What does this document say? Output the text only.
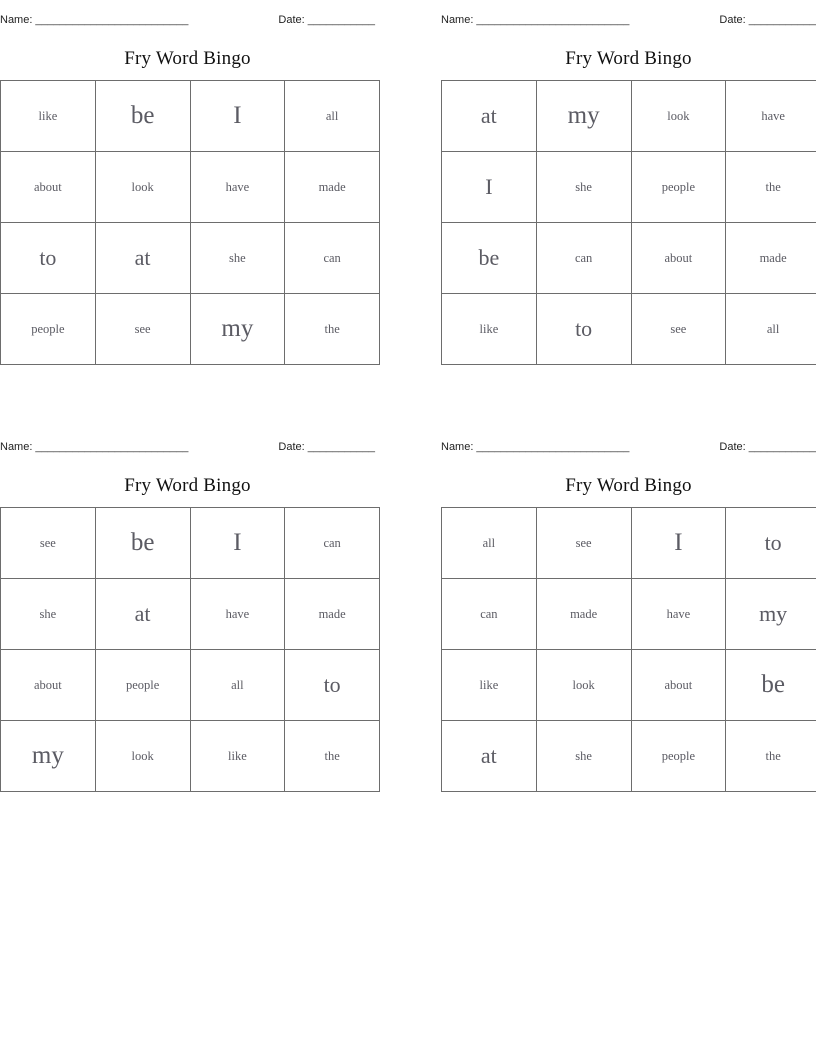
Name: _________________________	Date: ___________
Fry Word Bingo
like	be	I	all
about	look	have	made
to	at	she	can
people	see	my	the
Name: _________________________	Date: ___________
Fry Word Bingo
at	my	look	have
I	she	people	the
be	can	about	made
like	to	see	all
Name: _________________________	Date: ___________
Fry Word Bingo
see	be	I	can
she	at	have	made
about	people	all	to
my	look	like	the
Name: _________________________	Date: ___________
Fry Word Bingo
all	see	I	to
can	made	have	my
like	look	about	be
at	she	people	the
